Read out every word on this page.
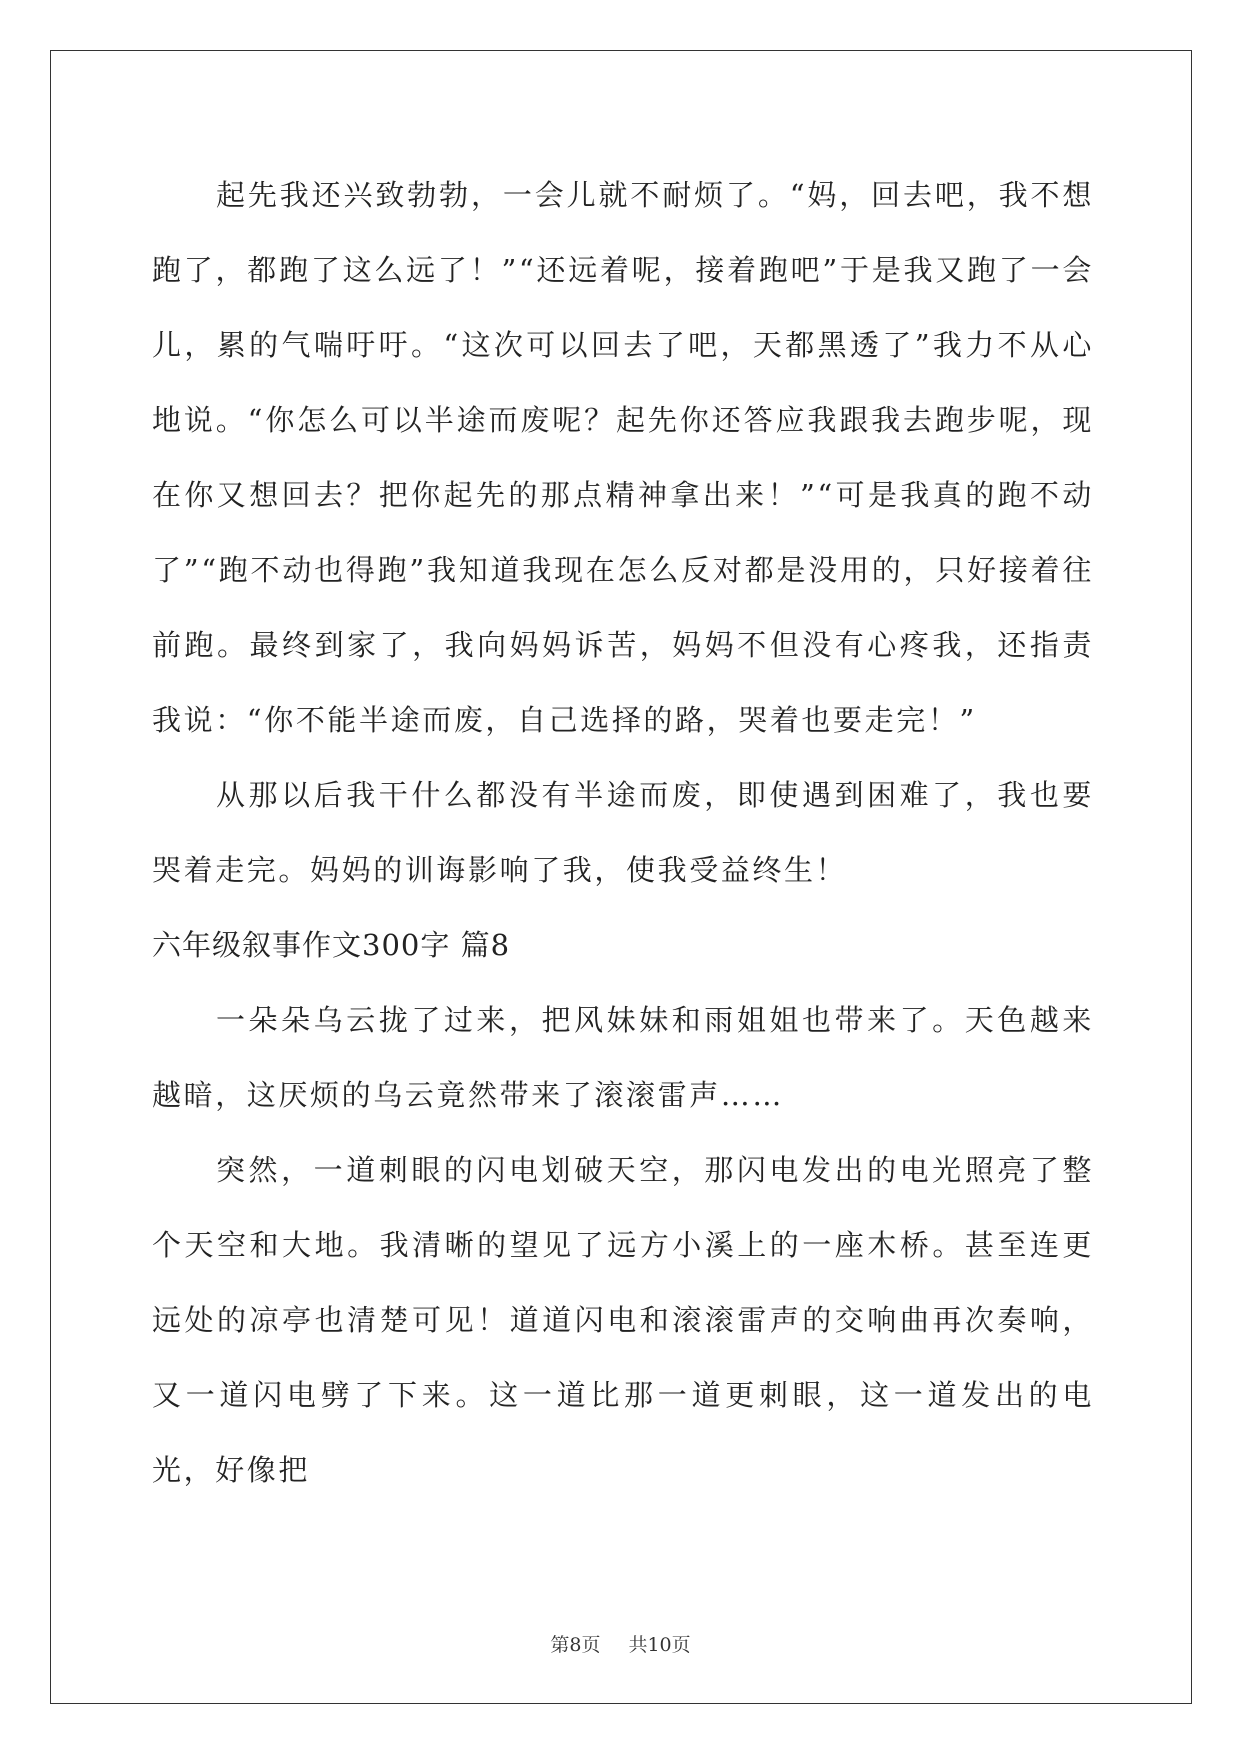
起先我还兴致勃勃，一会儿就不耐烦了。“妈，回去吧，我不想跑了，都跑了这么远了！”“还远着呢，接着跑吧”于是我又跑了一会儿，累的气喘吁吁。“这次可以回去了吧，天都黑透了”我力不从心地说。“你怎么可以半途而废呢？起先你还答应我跟我去跑步呢，现在你又想回去？把你起先的那点精神拿出来！”“可是我真的跑不动了”“跑不动也得跑”我知道我现在怎么反对都是没用的，只好接着往前跑。最终到家了，我向妈妈诉苦，妈妈不但没有心疼我，还指责我说：“你不能半途而废，自己选择的路，哭着也要走完！”

从那以后我干什么都没有半途而废，即使遇到困难了，我也要哭着走完。妈妈的训诲影响了我，使我受益终生！

六年级叙事作文300字 篇8

一朵朵乌云拢了过来，把风妹妹和雨姐姐也带来了。天色越来越暗，这厌烦的乌云竟然带来了滚滚雷声……

突然，一道刺眼的闪电划破天空，那闪电发出的电光照亮了整个天空和大地。我清晰的望见了远方小溪上的一座木桥。甚至连更远处的凉亭也清楚可见！道道闪电和滚滚雷声的交响曲再次奏响，又一道闪电劈了下来。这一道比那一道更刺眼，这一道发出的电光，好像把

第8页 共10页
